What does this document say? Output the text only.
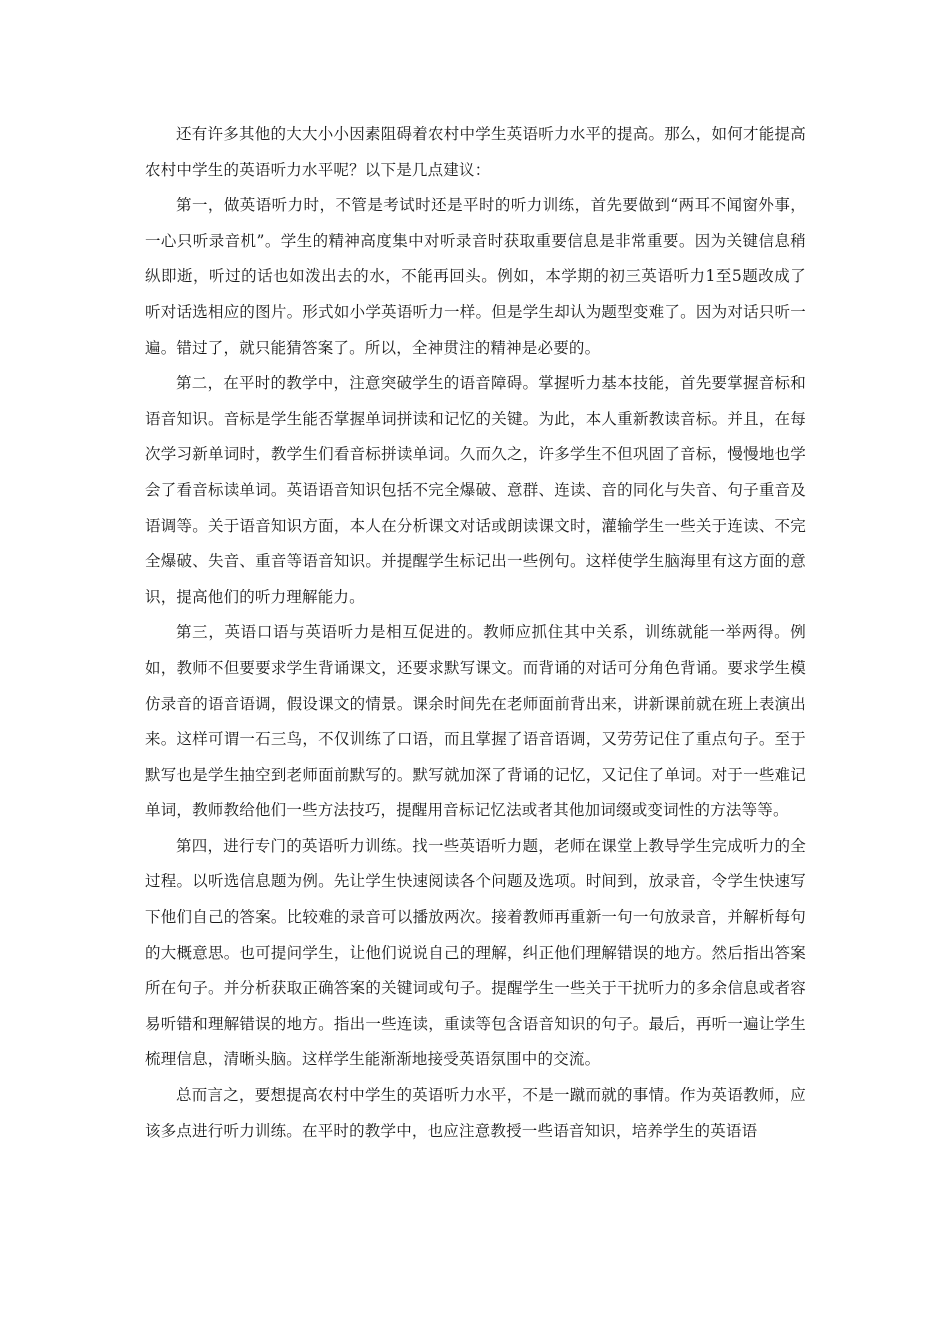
还有许多其他的大大小小因素阻碍着农村中学生英语听力水平的提高。那么，如何才能提高农村中学生的英语听力水平呢？以下是几点建议：

第一，做英语听力时，不管是考试时还是平时的听力训练，首先要做到“两耳不闻窗外事，一心只听录音机”。学生的精神高度集中对听录音时获取重要信息是非常重要。因为关键信息稍纵即逝，听过的话也如泼出去的水，不能再回头。例如，本学期的初三英语听力1至5题改成了听对话选相应的图片。形式如小学英语听力一样。但是学生却认为题型变难了。因为对话只听一遍。错过了，就只能猜答案了。所以，全神贯注的精神是必要的。

第二，在平时的教学中，注意突破学生的语音障碍。掌握听力基本技能，首先要掌握音标和语音知识。音标是学生能否掌握单词拼读和记忆的关键。为此，本人重新教读音标。并且，在每次学习新单词时，教学生们看音标拼读单词。久而久之，许多学生不但巩固了音标，慢慢地也学会了看音标读单词。英语语音知识包括不完全爆破、意群、连读、音的同化与失音、句子重音及语调等。关于语音知识方面，本人在分析课文对话或朗读课文时，灌输学生一些关于连读、不完全爆破、失音、重音等语音知识。并提醒学生标记出一些例句。这样使学生脑海里有这方面的意识，提高他们的听力理解能力。

第三，英语口语与英语听力是相互促进的。教师应抓住其中关系，训练就能一举两得。例如，教师不但要要求学生背诵课文，还要求默写课文。而背诵的对话可分角色背诵。要求学生模仿录音的语音语调，假设课文的情景。课余时间先在老师面前背出来，讲新课前就在班上表演出来。这样可谓一石三鸟，不仅训练了口语，而且掌握了语音语调，又劳劳记住了重点句子。至于默写也是学生抽空到老师面前默写的。默写就加深了背诵的记忆，又记住了单词。对于一些难记单词，教师教给他们一些方法技巧，提醒用音标记忆法或者其他加词缀或变词性的方法等等。

第四，进行专门的英语听力训练。找一些英语听力题，老师在课堂上教导学生完成听力的全过程。以听选信息题为例。先让学生快速阅读各个问题及选项。时间到，放录音，令学生快速写下他们自己的答案。比较难的录音可以播放两次。接着教师再重新一句一句放录音，并解析每句的大概意思。也可提问学生，让他们说说自己的理解，纠正他们理解错误的地方。然后指出答案所在句子。并分析获取正确答案的关键词或句子。提醒学生一些关于干扰听力的多余信息或者容易听错和理解错误的地方。指出一些连读，重读等包含语音知识的句子。最后，再听一遍让学生梳理信息，清晰头脑。这样学生能渐渐地接受英语氛围中的交流。

总而言之，要想提高农村中学生的英语听力水平，不是一蹴而就的事情。作为英语教师，应该多点进行听力训练。在平时的教学中，也应注意教授一些语音知识，培养学生的英语语
